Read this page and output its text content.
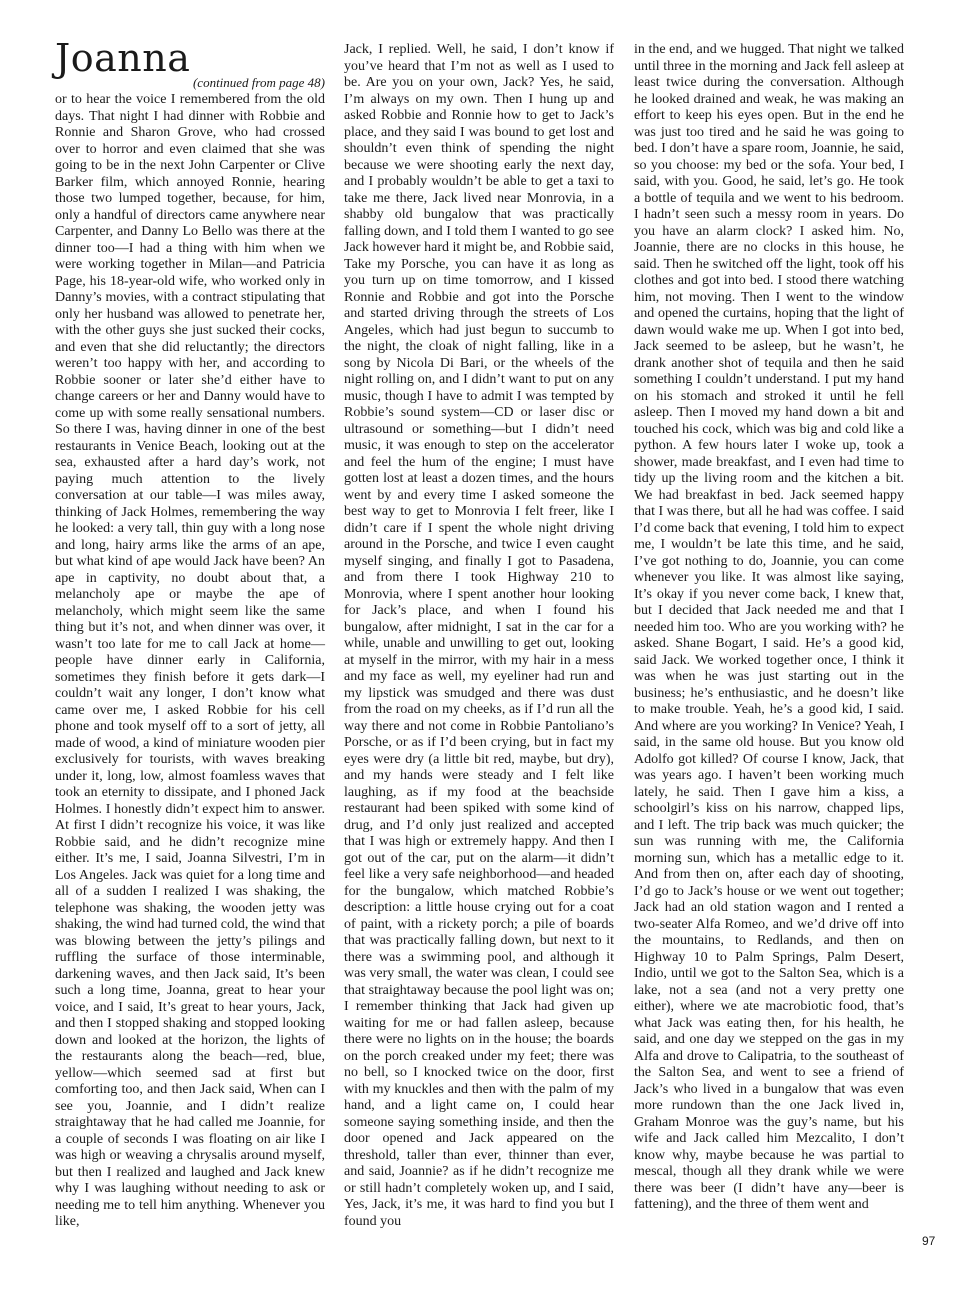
Joanna
(continued from page 48)

or to hear the voice I remembered from the old days. That night I had dinner with Robbie and Ronnie and Sharon Grove, who had crossed over to horror and even claimed that she was going to be in the next John Carpenter or Clive Barker film, which annoyed Ronnie, hearing those two lumped together, because, for him, only a handful of directors came anywhere near Carpenter, and Danny Lo Bello was there at the dinner too—I had a thing with him when we were working together in Milan—and Patricia Page, his 18-year-old wife, who worked only in Danny’s movies, with a contract stipulating that only her husband was allowed to penetrate her, with the other guys she just sucked their cocks, and even that she did reluctantly; the directors weren’t too happy with her, and according to Robbie sooner or later she’d either have to change careers or her and Danny would have to come up with some really sensational numbers. So there I was, having dinner in one of the best restaurants in Venice Beach, looking out at the sea, exhausted after a hard day’s work, not paying much attention to the lively conversation at our table—I was miles away, thinking of Jack Holmes, remembering the way he looked: a very tall, thin guy with a long nose and long, hairy arms like the arms of an ape, but what kind of ape would Jack have been? An ape in captivity, no doubt about that, a melancholy ape or maybe the ape of melancholy, which might seem like the same thing but it’s not, and when dinner was over, it wasn’t too late for me to call Jack at home—people have dinner early in California, sometimes they finish before it gets dark—I couldn’t wait any longer, I don’t know what came over me, I asked Robbie for his cell phone and took myself off to a sort of jetty, all made of wood, a kind of miniature wooden pier exclusively for tourists, with waves breaking under it, long, low, almost foamless waves that took an eternity to dissipate, and I phoned Jack Holmes. I honestly didn’t expect him to answer. At first I didn’t recognize his voice, it was like Robbie said, and he didn’t recognize mine either. It’s me, I said, Joanna Silvestri, I’m in Los Angeles. Jack was quiet for a long time and all of a sudden I realized I was shaking, the telephone was shaking, the wooden jetty was shaking, the wind had turned cold, the wind that was blowing between the jetty’s pilings and ruffling the surface of those interminable, darkening waves, and then Jack said, It’s been such a long time, Joanna, great to hear your voice, and I said, It’s great to hear yours, Jack, and then I stopped shaking and stopped looking down and looked at the horizon, the lights of the restaurants along the beach—red, blue, yellow—which seemed sad at first but comforting too, and then Jack said, When can I see you, Joannie, and I didn’t realize straightaway that he had called me Joannie, for a couple of seconds I was floating on air like I was high or weaving a chrysalis around myself, but then I realized and laughed and Jack knew why I was laughing without needing to ask or needing me to tell him anything. Whenever you like,

Jack, I replied. Well, he said, I don’t know if you’ve heard that I’m not as well as I used to be. Are you on your own, Jack? Yes, he said, I’m always on my own. Then I hung up and asked Robbie and Ronnie how to get to Jack’s place, and they said I was bound to get lost and shouldn’t even think of spending the night because we were shooting early the next day, and I probably wouldn’t be able to get a taxi to take me there, Jack lived near Monrovia, in a shabby old bungalow that was practically falling down, and I told them I wanted to go see Jack however hard it might be, and Robbie said, Take my Porsche, you can have it as long as you turn up on time tomorrow, and I kissed Ronnie and Robbie and got into the Porsche and started driving through the streets of Los Angeles, which had just begun to succumb to the night, the cloak of night falling, like in a song by Nicola Di Bari, or the wheels of the night rolling on, and I didn’t want to put on any music, though I have to admit I was tempted by Robbie’s sound system—CD or laser disc or ultrasound or something—but I didn’t need music, it was enough to step on the accelerator and feel the hum of the engine; I must have gotten lost at least a dozen times, and the hours went by and every time I asked someone the best way to get to Monrovia I felt freer, like I didn’t care if I spent the whole night driving around in the Porsche, and twice I even caught myself singing, and finally I got to Pasadena, and from there I took Highway 210 to Monrovia, where I spent another hour looking for Jack’s place, and when I found his bungalow, after midnight, I sat in the car for a while, unable and unwilling to get out, looking at myself in the mirror, with my hair in a mess and my face as well, my eyeliner had run and my lipstick was smudged and there was dust from the road on my cheeks, as if I’d run all the way there and not come in Robbie Pantoliano’s Porsche, or as if I’d been crying, but in fact my eyes were dry (a little bit red, maybe, but dry), and my hands were steady and I felt like laughing, as if my food at the beachside restaurant had been spiked with some kind of drug, and I’d only just realized and accepted that I was high or extremely happy. And then I got out of the car, put on the alarm—it didn’t feel like a very safe neighborhood—and headed for the bungalow, which matched Robbie’s description: a little house crying out for a coat of paint, with a rickety porch; a pile of boards that was practically falling down, but next to it there was a swimming pool, and although it was very small, the water was clean, I could see that straightaway because the pool light was on; I remember thinking that Jack had given up waiting for me or had fallen asleep, because there were no lights on in the house; the boards on the porch creaked under my feet; there was no bell, so I knocked twice on the door, first with my knuckles and then with the palm of my hand, and a light came on, I could hear someone saying something inside, and then the door opened and Jack appeared on the threshold, taller than ever, thinner than ever, and said, Joannie? as if he didn’t recognize me or still hadn’t completely woken up, and I said, Yes, Jack, it’s me, it was hard to find you but I found you

in the end, and we hugged. That night we talked until three in the morning and Jack fell asleep at least twice during the conversation. Although he looked drained and weak, he was making an effort to keep his eyes open. But in the end he was just too tired and he said he was going to bed. I don’t have a spare room, Joannie, he said, so you choose: my bed or the sofa. Your bed, I said, with you. Good, he said, let’s go. He took a bottle of tequila and we went to his bedroom. I hadn’t seen such a messy room in years. Do you have an alarm clock? I asked him. No, Joannie, there are no clocks in this house, he said. Then he switched off the light, took off his clothes and got into bed. I stood there watching him, not moving. Then I went to the window and opened the curtains, hoping that the light of dawn would wake me up. When I got into bed, Jack seemed to be asleep, but he wasn’t, he drank another shot of tequila and then he said something I couldn’t understand. I put my hand on his stomach and stroked it until he fell asleep. Then I moved my hand down a bit and touched his cock, which was big and cold like a python. A few hours later I woke up, took a shower, made breakfast, and I even had time to tidy up the living room and the kitchen a bit. We had breakfast in bed. Jack seemed happy that I was there, but all he had was coffee. I said I’d come back that evening, I told him to expect me, I wouldn’t be late this time, and he said, I’ve got nothing to do, Joannie, you can come whenever you like. It was almost like saying, It’s okay if you never come back, I knew that, but I decided that Jack needed me and that I needed him too. Who are you working with? he asked. Shane Bogart, I said. He’s a good kid, said Jack. We worked together once, I think it was when he was just starting out in the business; he’s enthusiastic, and he doesn’t like to make trouble. Yeah, he’s a good kid, I said. And where are you working? In Venice? Yeah, I said, in the same old house. But you know old Adolfo got killed? Of course I know, Jack, that was years ago. I haven’t been working much lately, he said. Then I gave him a kiss, a schoolgirl’s kiss on his narrow, chapped lips, and I left. The trip back was much quicker; the sun was running with me, the California morning sun, which has a metallic edge to it. And from then on, after each day of shooting, I’d go to Jack’s house or we went out together; Jack had an old station wagon and I rented a two-seater Alfa Romeo, and we’d drive off into the mountains, to Redlands, and then on Highway 10 to Palm Springs, Palm Desert, Indio, until we got to the Salton Sea, which is a lake, not a sea (and not a very pretty one either), where we ate macrobiotic food, that’s what Jack was eating then, for his health, he said, and one day we stepped on the gas in my Alfa and drove to Calipatria, to the southeast of the Salton Sea, and went to see a friend of Jack’s who lived in a bungalow that was even more rundown than the one Jack lived in, Graham Monroe was the guy’s name, but his wife and Jack called him Mezcalito, I don’t know why, maybe because he was partial to mescal, though all they drank while we were there was beer (I didn’t have any—beer is fattening), and the three of them went and

97
